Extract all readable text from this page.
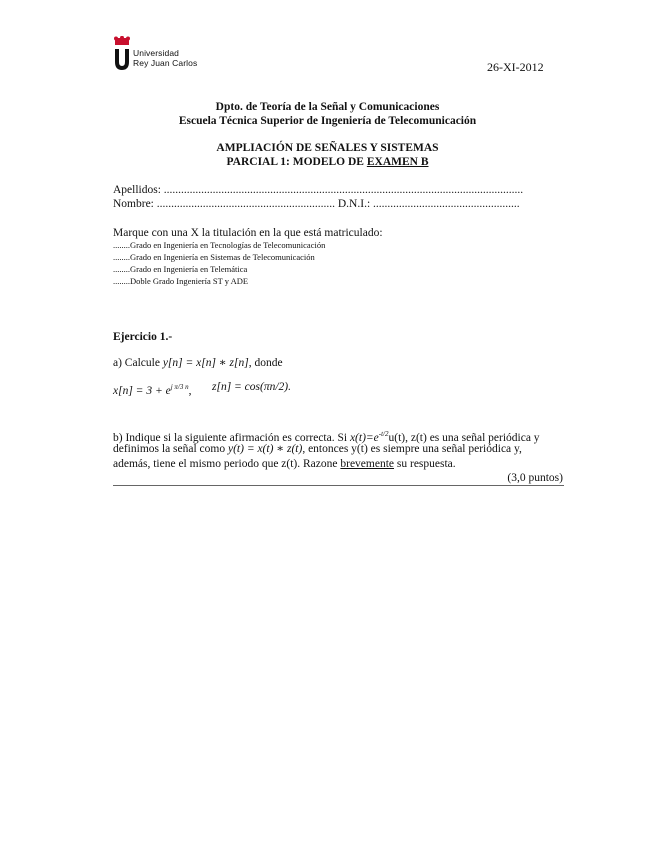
Universidad
Rey Juan Carlos	26-XI-2012
Dpto. de Teoría de la Señal y Comunicaciones
Escuela Técnica Superior de Ingeniería de Telecomunicación
AMPLIACIÓN DE SEÑALES Y SISTEMAS
PARCIAL 1: MODELO DE EXAMEN B
Apellidos: .............................................................................................................................
Nombre: .............................................................. D.N.I.: ...................................................
Marque con una X la titulación en la que está matriculado:
........Grado en Ingeniería en Tecnologías de Telecomunicación
........Grado en Ingeniería en Sistemas de Telecomunicación
........Grado en Ingeniería en Telemática
........Doble Grado Ingeniería ST y ADE
Ejercicio 1.-
a) Calcule y[n] = x[n] ∗ z[n], donde
$x[n] = 3 + e^{j \pi/3 n}$, z[n] = cos(πn/2).
b) Indique si la siguiente afirmación es correcta. Si $x(t)=e^{-t/2}u(t)$, z(t) es una señal periódica y
definimos la señal como y(t) = x(t) ∗ z(t), entonces y(t) es siempre una señal periódica y,
además, tiene el mismo periodo que z(t). Razone brevemente su respuesta.
(3,0 puntos)
